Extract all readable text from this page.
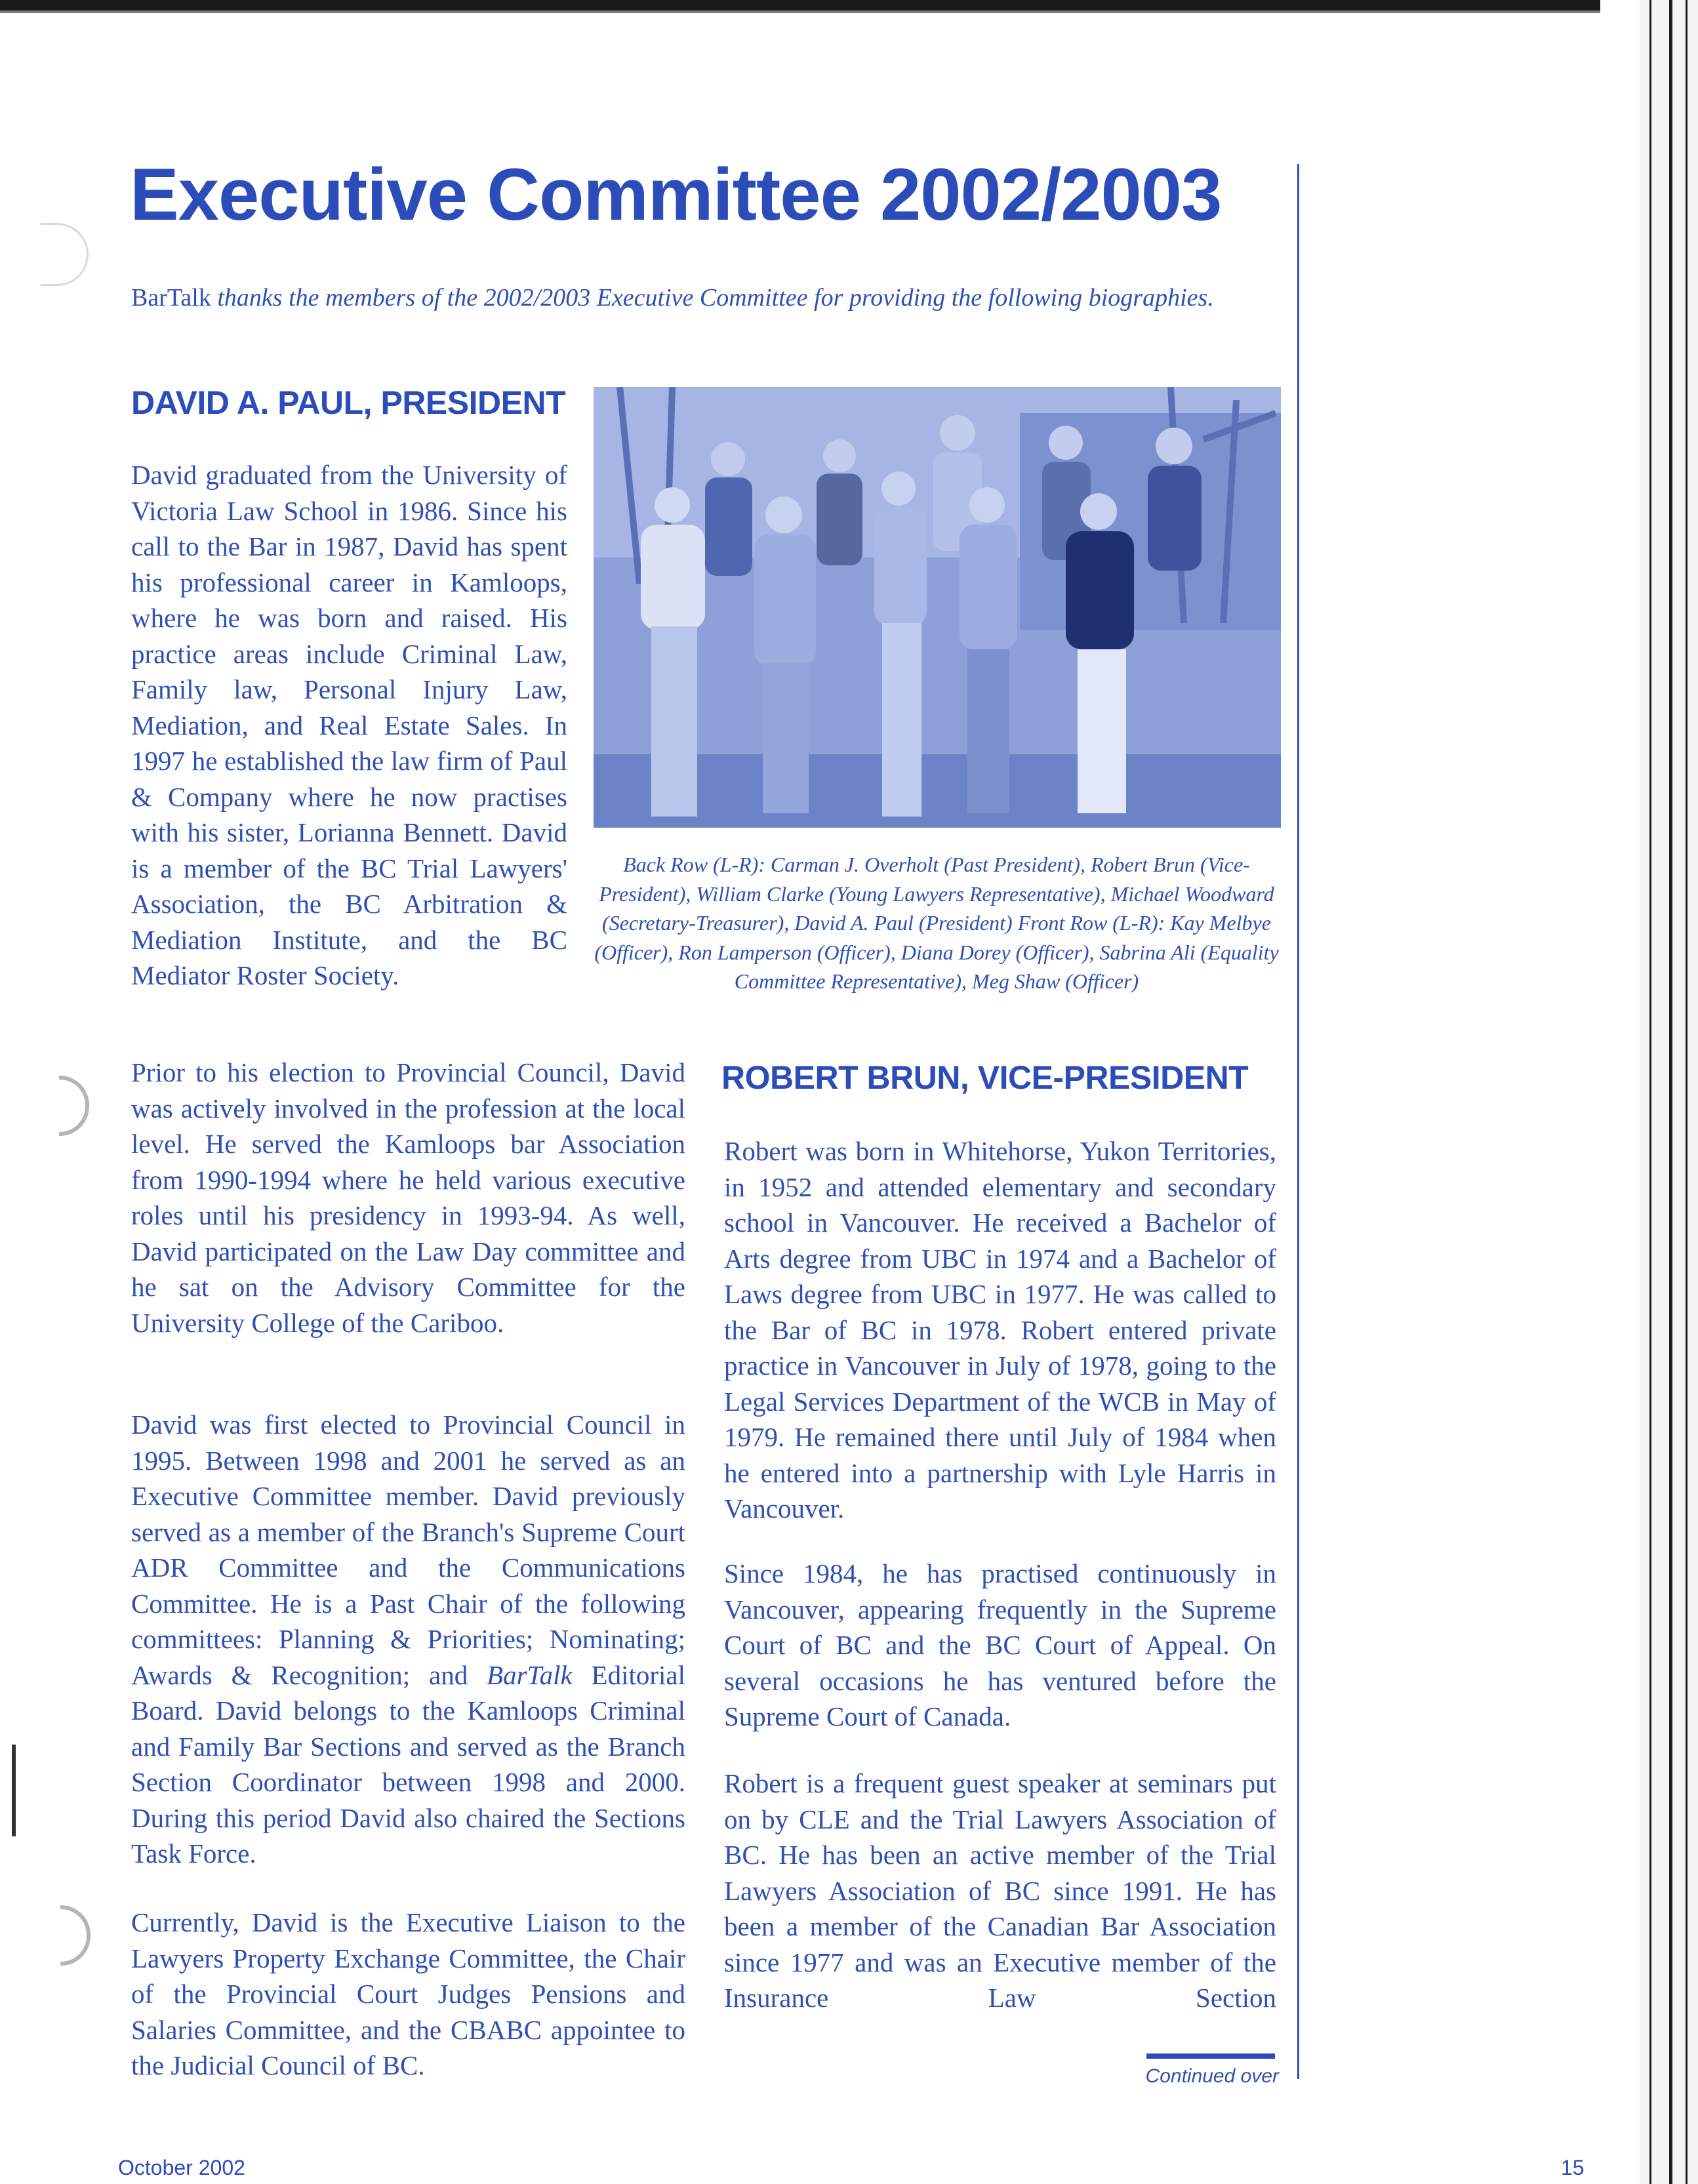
Executive Committee 2002/2003

BarTalk thanks the members of the 2002/2003 Executive Committee for providing the following biographies.

DAVID A. PAUL, PRESIDENT

David graduated from the University of Victoria Law School in 1986. Since his call to the Bar in 1987, David has spent his professional career in Kamloops, where he was born and raised. His practice areas include Criminal Law, Family law, Personal Injury Law, Mediation, and Real Estate Sales. In 1997 he established the law firm of Paul & Company where he now practises with his sister, Lorianna Bennett. David is a member of the BC Trial Lawyers' Association, the BC Arbitration & Mediation Institute, and the BC Mediator Roster Society.

Prior to his election to Provincial Council, David was actively involved in the profession at the local level. He served the Kamloops bar Association from 1990-1994 where he held various executive roles until his presidency in 1993-94. As well, David participated on the Law Day committee and he sat on the Advisory Committee for the University College of the Cariboo.

David was first elected to Provincial Council in 1995. Between 1998 and 2001 he served as an Executive Committee member. David previously served as a member of the Branch's Supreme Court ADR Committee and the Communications Committee. He is a Past Chair of the following committees: Planning & Priorities; Nominating; Awards & Recognition; and BarTalk Editorial Board. David belongs to the Kamloops Criminal and Family Bar Sections and served as the Branch Section Coordinator between 1998 and 2000. During this period David also chaired the Sections Task Force.

Currently, David is the Executive Liaison to the Lawyers Property Exchange Committee, the Chair of the Provincial Court Judges Pensions and Salaries Committee, and the CBABC appointee to the Judicial Council of BC.

Back Row (L-R): Carman J. Overholt (Past President), Robert Brun (Vice-President), William Clarke (Young Lawyers Representative), Michael Woodward (Secretary-Treasurer), David A. Paul (President) Front Row (L-R): Kay Melbye (Officer), Ron Lamperson (Officer), Diana Dorey (Officer), Sabrina Ali (Equality Committee Representative), Meg Shaw (Officer)

ROBERT BRUN, VICE-PRESIDENT

Robert was born in Whitehorse, Yukon Territories, in 1952 and attended elementary and secondary school in Vancouver. He received a Bachelor of Arts degree from UBC in 1974 and a Bachelor of Laws degree from UBC in 1977. He was called to the Bar of BC in 1978. Robert entered private practice in Vancouver in July of 1978, going to the Legal Services Department of the WCB in May of 1979. He remained there until July of 1984 when he entered into a partnership with Lyle Harris in Vancouver.

Since 1984, he has practised continuously in Vancouver, appearing frequently in the Supreme Court of BC and the BC Court of Appeal. On several occasions he has ventured before the Supreme Court of Canada.

Robert is a frequent guest speaker at seminars put on by CLE and the Trial Lawyers Association of BC. He has been an active member of the Trial Lawyers Association of BC since 1991. He has been a member of the Canadian Bar Association since 1977 and was an Executive member of the Insurance Law Section

Continued over

October 2002	15
